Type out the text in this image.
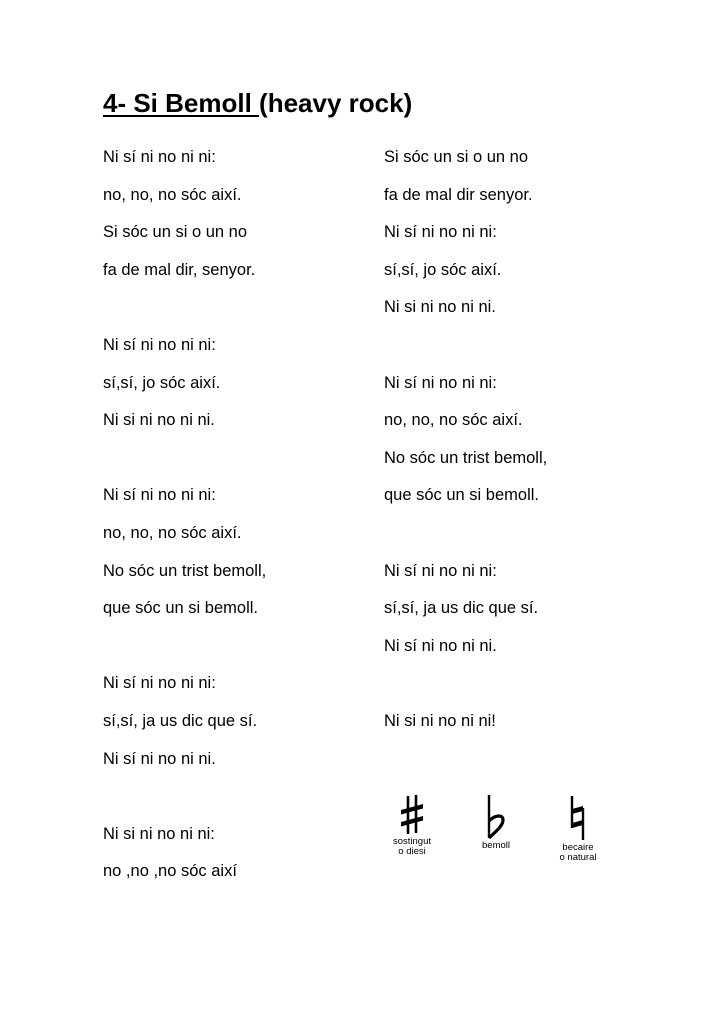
4- Si Bemoll (heavy rock)
Ni sí ni no ni ni:
no, no, no sóc així.
Si sóc un si o un no
fa de mal dir, senyor.
Ni sí ni no ni ni:
sí,sí, jo sóc així.
Ni si ni no ni ni.
Ni sí ni no ni ni:
no, no, no sóc així.
No sóc un trist bemoll,
que sóc un si bemoll.
Ni sí ni no ni ni:
sí,sí, ja us dic que sí.
Ni sí ni no ni ni.
Ni si ni no ni ni:
no ,no ,no sóc així
Si sóc un si o un no
fa de mal dir senyor.
Ni sí ni no ni ni:
sí,sí, jo sóc així.
Ni si ni no ni ni.
Ni sí ni no ni ni:
no, no, no sóc així.
No sóc un trist bemoll,
que sóc un si bemoll.
Ni sí ni no ni ni:
sí,sí, ja us dic que sí.
Ni sí ni no ni ni.
Ni si ni no ni ni!
sostingut
o diesi
bemoll	becaire
o natural
